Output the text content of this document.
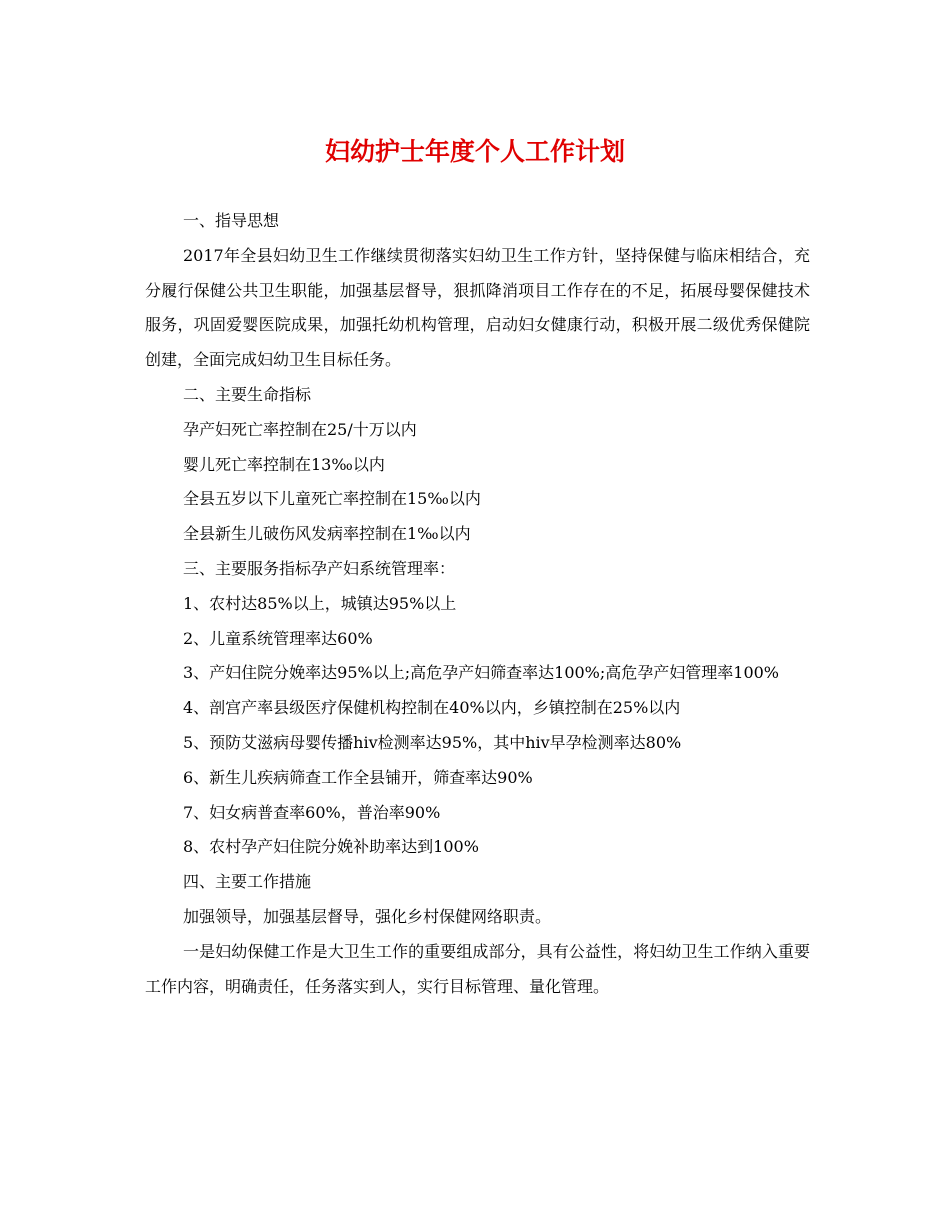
妇幼护士年度个人工作计划

一、指导思想

2017年全县妇幼卫生工作继续贯彻落实妇幼卫生工作方针，坚持保健与临床相结合，充分履行保健公共卫生职能，加强基层督导，狠抓降消项目工作存在的不足，拓展母婴保健技术服务，巩固爱婴医院成果，加强托幼机构管理，启动妇女健康行动，积极开展二级优秀保健院创建，全面完成妇幼卫生目标任务。

二、主要生命指标

孕产妇死亡率控制在25/十万以内

婴儿死亡率控制在13‰以内

全县五岁以下儿童死亡率控制在15‰以内

全县新生儿破伤风发病率控制在1‰以内

三、主要服务指标孕产妇系统管理率：

1、农村达85%以上，城镇达95%以上

2、儿童系统管理率达60%

3、产妇住院分娩率达95%以上;高危孕产妇筛查率达100%;高危孕产妇管理率100%

4、剖宫产率县级医疗保健机构控制在40%以内，乡镇控制在25%以内

5、预防艾滋病母婴传播hiv检测率达95%，其中hiv早孕检测率达80%

6、新生儿疾病筛查工作全县铺开，筛查率达90%

7、妇女病普查率60%，普治率90%

8、农村孕产妇住院分娩补助率达到100%

四、主要工作措施

加强领导，加强基层督导，强化乡村保健网络职责。

一是妇幼保健工作是大卫生工作的重要组成部分，具有公益性，将妇幼卫生工作纳入重要工作内容，明确责任，任务落实到人，实行目标管理、量化管理。
